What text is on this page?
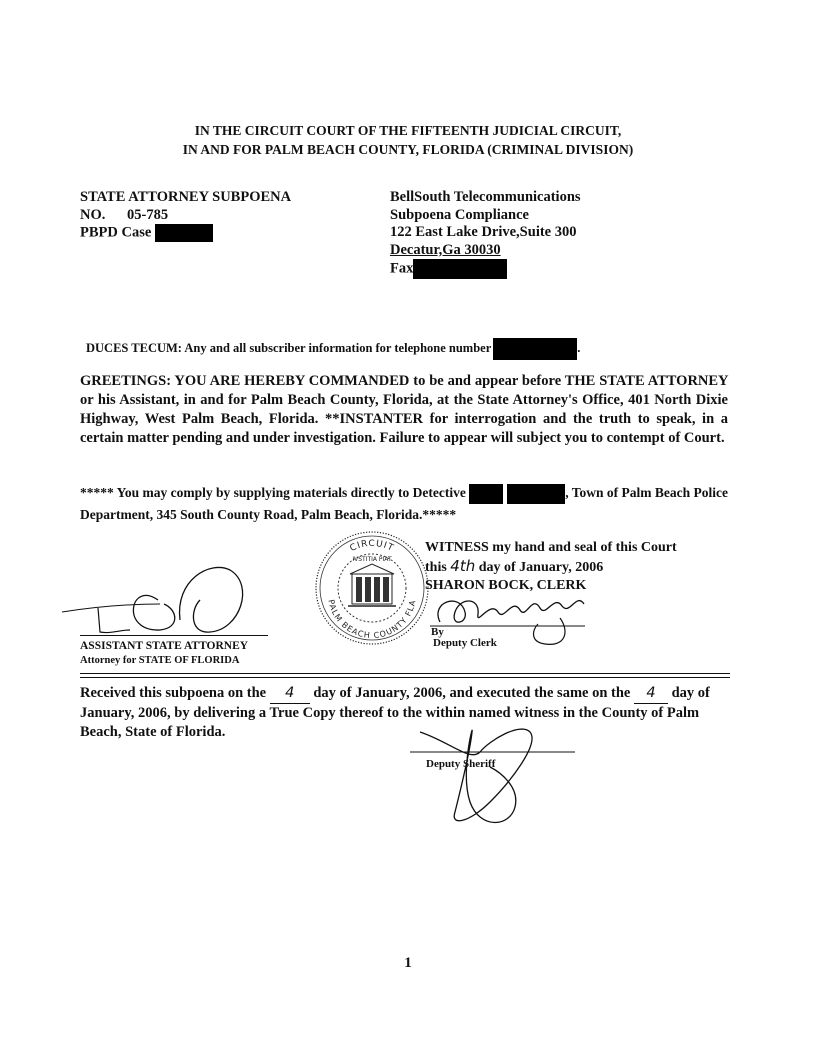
IN THE CIRCUIT COURT OF THE FIFTEENTH JUDICIAL CIRCUIT,
IN AND FOR PALM BEACH COUNTY, FLORIDA (CRIMINAL DIVISION)
STATE ATTORNEY SUBPOENA
NO. 05-785
PBPD Case
BellSouth Telecommunications
Subpoena Compliance
122 East Lake Drive,Suite 300
Decatur,Ga 30030
Fax
DUCES TECUM: Any and all subscriber information for telephone number	.
GREETINGS: YOU ARE HEREBY COMMANDED to be and appear before THE STATE ATTORNEY or his Assistant, in and for Palm Beach County, Florida, at the State Attorney's Office, 401 North Dixie Highway, West Palm Beach, Florida. **INSTANTER for interrogation and the truth to speak, in a certain matter pending and under investigation. Failure to appear will subject you to contempt of Court.
***** You may comply by supplying materials directly to Detective	, Town of Palm Beach Police Department, 345 South County Road, Palm Beach, Florida.*****
CIRCUIT
PALM BEACH COUNTY FLA
IVSTITIA PIAT
WITNESS my hand and seal of this Court
this 4th day of January, 2006
SHARON BOCK, CLERK
By
Deputy Clerk
ASSISTANT STATE ATTORNEY
Attorney for STATE OF FLORIDA
Received this subpoena on the 4 day of January, 2006, and executed the same on the 4 day of January, 2006, by delivering a True Copy thereof to the within named witness in the County of Palm Beach, State of Florida.
Deputy Sheriff
1
